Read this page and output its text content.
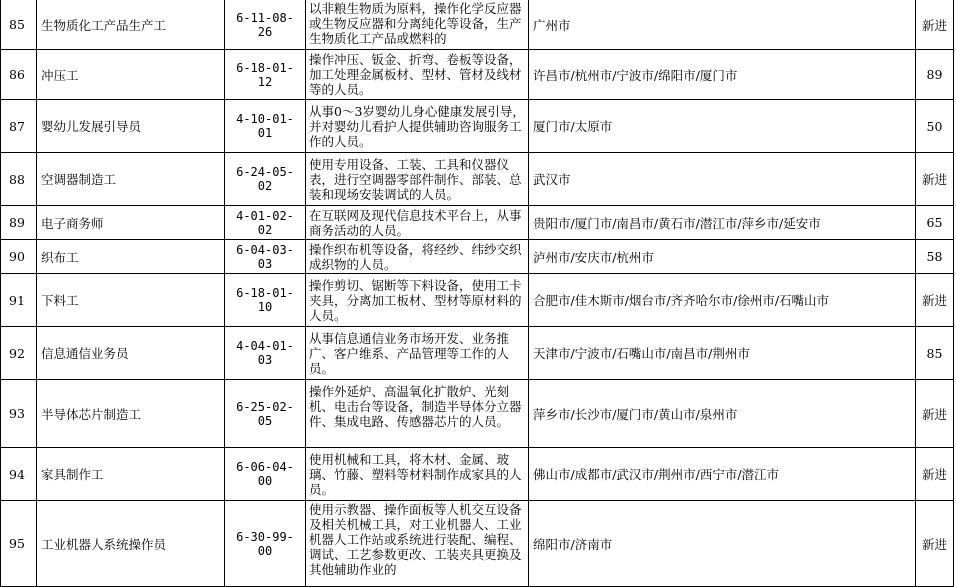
85	生物质化工产品生产工	6-11-08-26	以非粮生物质为原料，操作化学反应器或生物反应器和分离纯化等设备，生产生物质化工产品或燃料的	广州市	新进
86	冲压工	6-18-01-12	操作冲压、钣金、折弯、卷板等设备，加工处理金属板材、型材、管材及线材等的人员。	许昌市/杭州市/宁波市/绵阳市/厦门市	89
87	婴幼儿发展引导员	4-10-01-01	从事0～3岁婴幼儿身心健康发展引导，并对婴幼儿看护人提供辅助咨询服务工作的人员。	厦门市/太原市	50
88	空调器制造工	6-24-05-02	使用专用设备、工装、工具和仪器仪表，进行空调器零部件制作、部装、总装和现场安装调试的人员。	武汉市	新进
89	电子商务师	4-01-02-02	在互联网及现代信息技术平台上，从事商务活动的人员。	贵阳市/厦门市/南昌市/黄石市/潜江市/萍乡市/延安市	65
90	织布工	6-04-03-03	操作织布机等设备，将经纱、纬纱交织成织物的人员。	泸州市/安庆市/杭州市	58
91	下料工	6-18-01-10	操作剪切、锯断等下料设备，使用工卡夹具，分离加工板材、型材等原材料的人员。	合肥市/佳木斯市/烟台市/齐齐哈尔市/徐州市/石嘴山市	新进
92	信息通信业务员	4-04-01-03	从事信息通信业务市场开发、业务推广、客户维系、产品管理等工作的人员。	天津市/宁波市/石嘴山市/南昌市/荆州市	85
93	半导体芯片制造工	6-25-02-05	操作外延炉、高温氧化扩散炉、光刻机、电击台等设备，制造半导体分立器件、集成电路、传感器芯片的人员。	萍乡市/长沙市/厦门市/黄山市/泉州市	新进
94	家具制作工	6-06-04-00	使用机械和工具，将木材、金属、玻璃、竹藤、塑料等材料制作成家具的人员。	佛山市/成都市/武汉市/荆州市/西宁市/潜江市	新进
95	工业机器人系统操作员	6-30-99-00	使用示教器、操作面板等人机交互设备及相关机械工具，对工业机器人、工业机器人工作站或系统进行装配、编程、调试、工艺参数更改、工装夹具更换及其他辅助作业的	绵阳市/济南市	新进
